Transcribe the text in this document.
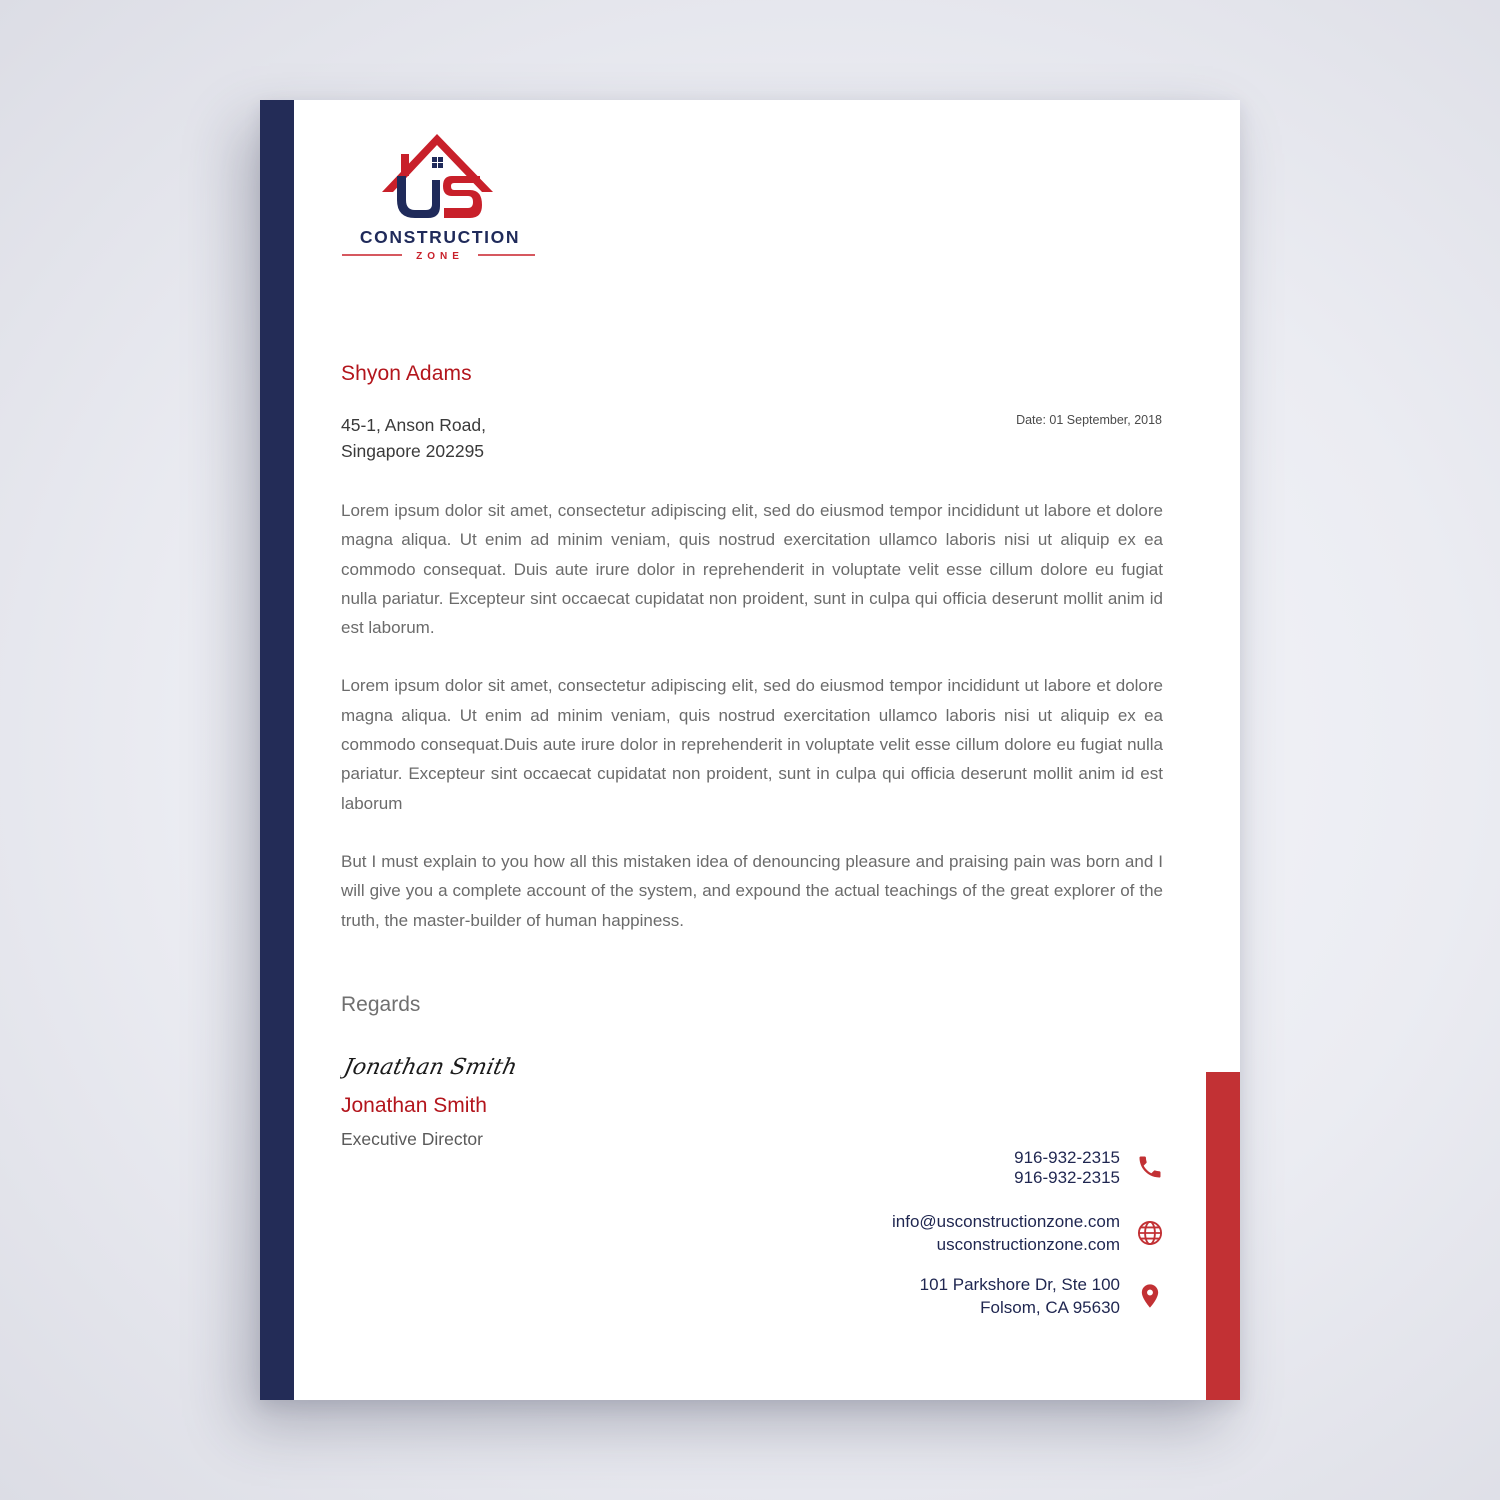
CONSTRUCTION
ZONE
Shyon Adams
45-1, Anson Road,
Singapore 202295
Date: 01 September, 2018

Lorem ipsum dolor sit amet, consectetur adipiscing elit, sed do eiusmod tempor incididunt ut labore et dolore magna aliqua. Ut enim ad minim veniam, quis nostrud exercitation ullamco laboris nisi ut aliquip ex ea commodo consequat. Duis aute irure dolor in reprehenderit in voluptate velit esse cillum dolore eu fugiat nulla pariatur. Excepteur sint occaecat cupidatat non proident, sunt in culpa qui officia deserunt mollit anim id est laborum.

Lorem ipsum dolor sit amet, consectetur adipiscing elit, sed do eiusmod tempor incididunt ut labore et dolore magna aliqua. Ut enim ad minim veniam, quis nostrud exercitation ullamco laboris nisi ut aliquip ex ea commodo consequat.Duis aute irure dolor in reprehenderit in voluptate velit esse cillum dolore eu fugiat nulla pariatur. Excepteur sint occaecat cupidatat non proident, sunt in culpa qui officia deserunt mollit anim id est laborum

But I must explain to you how all this mistaken idea of denouncing pleasure and praising pain was born and I will give you a complete account of the system, and expound the actual teachings of the great explorer of the truth, the master-builder of human happiness.

Regards
Jonathan Smith
Jonathan Smith
Executive Director
916-932-2315
916-932-2315
info@usconstructionzone.com
usconstructionzone.com
101 Parkshore Dr, Ste 100
Folsom, CA 95630
